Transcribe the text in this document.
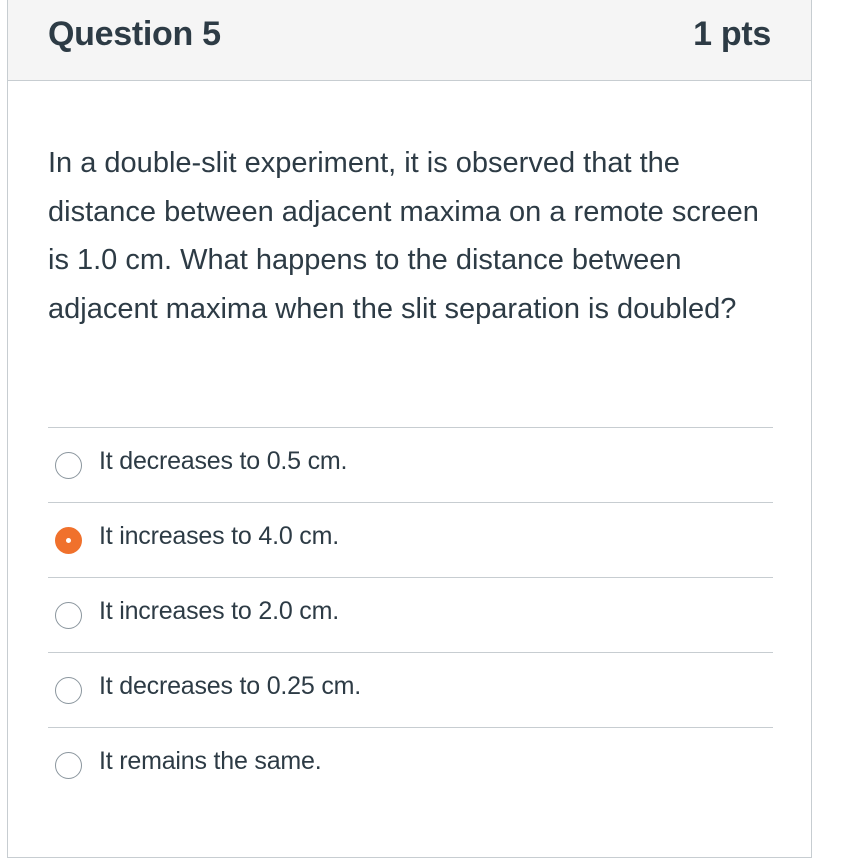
Question 5	1 pts
In a double-slit experiment, it is observed that the distance between adjacent maxima on a remote screen is 1.0 cm. What happens to the distance between adjacent maxima when the slit separation is doubled?
It decreases to 0.5 cm.
It increases to 4.0 cm.
It increases to 2.0 cm.
It decreases to 0.25 cm.
It remains the same.
